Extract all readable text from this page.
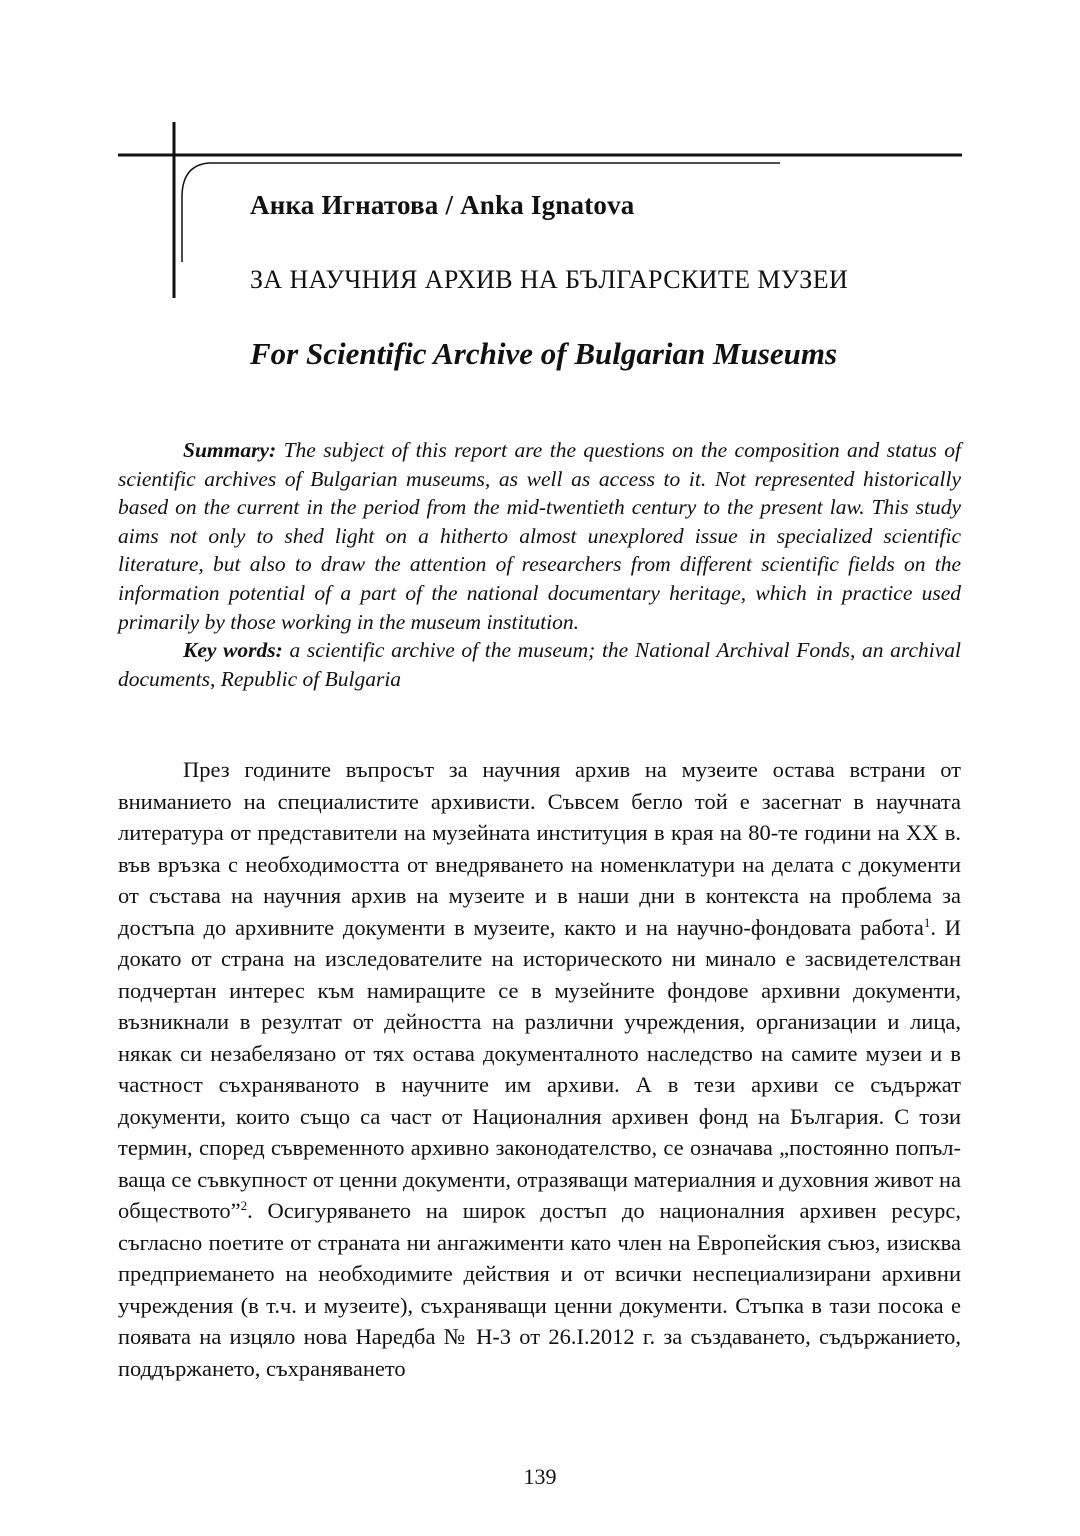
Анка Игнатова / Anka Ignatova
ЗА НАУЧНИЯ АРХИВ НА БЪЛГАРСКИТЕ МУЗЕИ
For Scientific Archive of Bulgarian Museums

Summary: The subject of this report are the questions on the composition and status of scientific archives of Bulgarian museums, as well as access to it. Not represented historically based on the current in the period from the mid-twentieth century to the present law. This study aims not only to shed light on a hitherto almost unexplored issue in specialized scientific literature, but also to draw the attention of researchers from different scientific fields on the information potential of a part of the national documentary heritage, which in practice used primarily by those working in the museum institution.

Key words: a scientific archive of the museum; the National Archival Fonds, an archival documents, Republic of Bulgaria

През годините въпросът за научния архив на музеите остава встрани от вниманието на специалистите архивисти. Съвсем бегло той е засегнат в научната литература от представители на музейната институция в края на 80-те години на XX в. във връзка с необходимостта от внедряването на номенклатури на делата с документи от състава на научния архив на музеите и в наши дни в контекста на проблема за достъпа до архивните документи в музеите, както и на научно-фондовата работа$^1$. И докато от страна на изследователите на историческото ни минало е засвидетелстван подчертан интерес към намиращите се в музейните фондове архивни документи, възникнали в резултат от дейността на различни учреждения, организации и лица, някак си незабелязано от тях остава документалното наследство на самите музеи и в частност съхраняваното в научните им архиви. А в тези архиви се съдържат документи, които също са част от Националния архивен фонд на България. С този термин, според съвременното архивно законодателство, се означава „постоянно попълваща се съвкупност от ценни документи, отразяващи материалния и духовния живот на обществото”$^2$. Осигуряването на широк достъп до националния архивен ресурс, съгласно поетите от страната ни ангажименти като член на Европейския съюз, изисква предприемането на необходимите действия и от всички неспециализирани архивни учреждения (в т.ч. и музеите), съхраняващи ценни документи. Стъпка в тази посока е появата на изцяло нова Наредба № Н-3 от 26.I.2012 г. за създаването, съдържанието, поддържането, съхраняването

139
